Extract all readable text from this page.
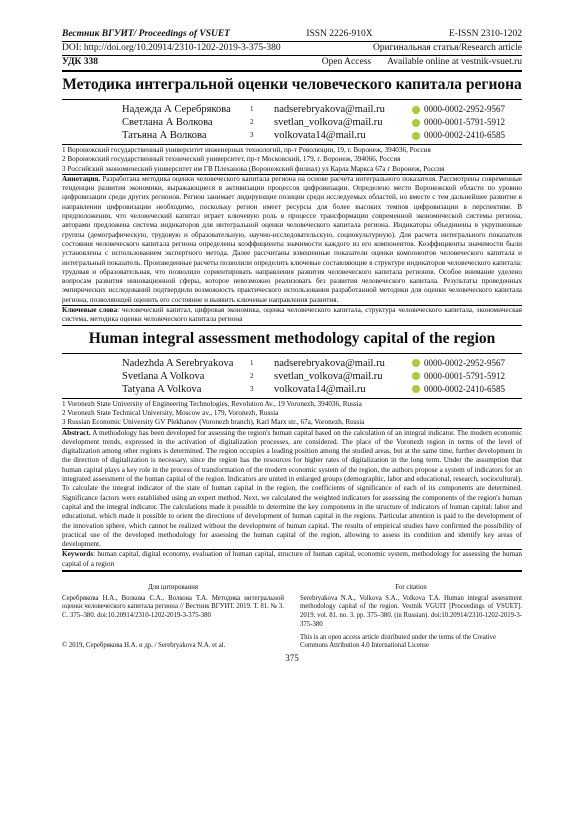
Вестник ВГУИТ/ Proceedings of VSUET	ISSN 2226-910X	E-ISSN 2310-1202
DOI: http://doi.org/10.20914/2310-1202-2019-3-375-380	Оригинальная статья/Research article
УДК 338	Open Access Available online at vestnik-vsuet.ru
Методика интегральной оценки человеческого капитала региона
Надежда А Серебрякова	1	nadserebryakova@mail.ru	0000-0002-2952-9567
Светлана А Волкова	2	svetlan_volkova@mail.ru	0000-0001-5791-5912
Татьяна А Волкова	3	volkovata14@mail.ru	0000-0002-2410-6585
1 Воронежский государственный университет инженерных технологий, пр-т Революции, 19, г. Воронеж, 394036, Россия
2 Воронежский государственный технический университет, пр-т Московский, 179, г. Воронеж, 394066, Россия
3 Российский экономический университет им ГВ Плеханова (Воронежский филиал) ул Карла Маркса 67а г Воронеж, Россия
Аннотация. Разработана методика оценки человеческого капитала региона на основе расчета интегрального показателя. Рассмотрены современные тенденции развития экономики, выражающиеся в активизации процессов цифровизации. Определено место Воронежской области по уровню цифровизации среди других регионов. Регион занимает лидирующие позиции среди исследуемых областей, но вместе с тем дальнейшее развитие в направлении цифровизации необходимо, поскольку регион имеет ресурсы для более высоких темпов цифровизации в перспективе. В предположении, что человеческий капитал играет ключевую роль в процессе трансформации современной экономической системы региона, авторами предложена система индикаторов для интегральной оценки человеческого капитала региона. Индикаторы объединены в укрупненные группы (демографическую, трудовую и образовательную, научно-исследовательскую, социокультурную). Для расчета интегрального показателя состояния человеческого капитала региона определены коэффициенты значимости каждого из его компонентов. Коэффициенты значимости были установлены с использованием экспертного метода. Далее рассчитаны взвешенные показатели оценки компонентов человеческого капитала и интегральный показатель. Произведенные расчеты позволили определить ключевые составляющие в структуре индикаторов человеческого капитала: трудовая и образовательная, что позволило сориентировать направления развития человеческого капитала регионов. Особое внимание уделено вопросам развития инновационной сферы, которое невозможно реализовать без развития человеческого капитала. Результаты проведенных эмпирических исследований подтвердили возможность практического использования разработанной методики для оценки человеческого капитала региона, позволяющей оценить его состояние и выявить ключевые направления развития.
Ключевые слова: человеческий капитал, цифровая экономика, оценка человеческого капитала, структура человеческого капитала, экономическая система, методика оценки человеческого капитала региона
Human integral assessment methodology capital of the region
Nadezhda A Serebryakova	1	nadserebryakova@mail.ru	0000-0002-2952-9567
Svetlana A Volkova	2	svetlan_volkova@mail.ru	0000-0001-5791-5912
Tatyana A Volkova	3	volkovata14@mail.ru	0000-0002-2410-6585
1 Voronezh State University of Engineering Technologies, Revolution Av., 19 Voronezh, 394036, Russia
2 Voronezh State Technical University, Moscow av., 179, Voronezh, Russia
3 Russian Economic University GV Plekhanov (Voronezh branch), Karl Marx str., 67a, Voronezh, Russia
Abstract. A methodology has been developed for assessing the region's human capital based on the calculation of an integral indicator. The modern economic development trends, expressed in the activation of digitalization processes, are considered. The place of the Voronezh region in terms of the level of digitalization among other regions is determined. The region occupies a leading position among the studied areas, but at the same time, further development in the direction of digitalization is necessary, since the region has the resources for higher rates of digitalization in the long term. Under the assumption that human capital plays a key role in the process of transformation of the modern economic system of the region, the authors propose a system of indicators for an integrated assessment of the human capital of the region. Indicators are united in enlarged groups (demographic, labor and educational, research, sociocultural). To calculate the integral indicator of the state of human capital in the region, the coefficients of significance of each of its components are determined. Significance factors were established using an expert method. Next, we calculated the weighted indicators for assessing the components of the region's human capital and the integral indicator. The calculations made it possible to determine the key components in the structure of indicators of human capital: labor and educational, which made it possible to orient the directions of development of human capital in the regions. Particular attention is paid to the development of the innovation sphere, which cannot be realized without the development of human capital. The results of empirical studies have confirmed the possibility of practical use of the developed methodology for assessing the human capital of the region, allowing to assess its condition and identify key areas of development.
Keywords: human capital, digital economy, evaluation of human capital, structure of human capital, economic system, methodology for assessing the human capital of a region
Для цитирования
Серебрякова Н.А., Волкова С.А., Волкова Т.А. Методика интегральной оценки человеческого капитала региона // Вестник ВГУИТ. 2019. Т. 81. № 3. С. 375–380. doi:10.20914/2310-1202-2019-3-375-380
For citation
Serebryakova N.A., Volkova S.A., Volkova T.A. Human integral assessment methodology capital of the region. Vestnik VGUIT [Proceedings of VSUET]. 2019. vol. 81. no. 3. pp. 375–380. (in Russian). doi:10.20914/2310-1202-2019-3-375-380
© 2019, Серебрякова Н.А. и др. / Serebryakova N.A. et al.
This is an open access article distributed under the terms of the Creative Commons Attribution 4.0 International License
375
